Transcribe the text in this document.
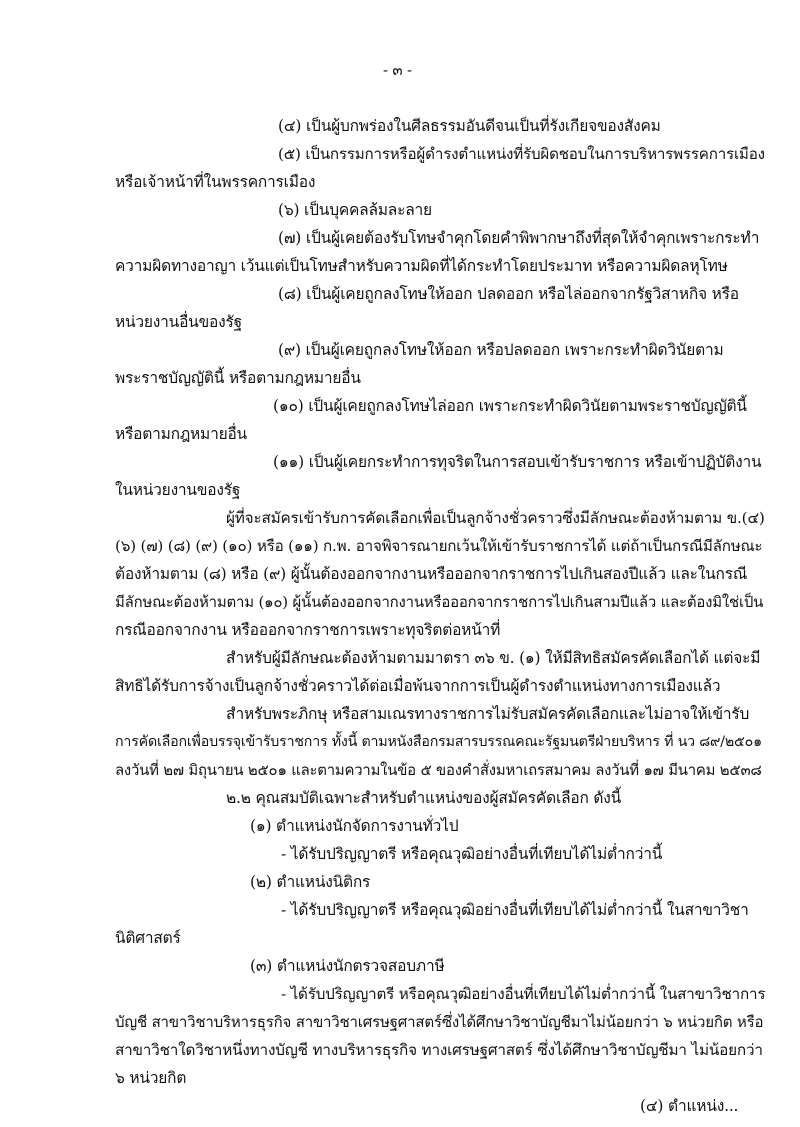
- ๓ -
(๔) เป็นผู้บกพร่องในศีลธรรมอันดีจนเป็นที่รังเกียจของสังคม
(๕) เป็นกรรมการหรือผู้ดำรงตำแหน่งที่รับผิดชอบในการบริหารพรรคการเมือง
หรือเจ้าหน้าที่ในพรรคการเมือง
(๖) เป็นบุคคลล้มละลาย
(๗) เป็นผู้เคยต้องรับโทษจำคุกโดยคำพิพากษาถึงที่สุดให้จำคุกเพราะกระทำ
ความผิดทางอาญา เว้นแต่เป็นโทษสำหรับความผิดที่ได้กระทำโดยประมาท หรือความผิดลหุโทษ
(๘) เป็นผู้เคยถูกลงโทษให้ออก ปลดออก หรือไล่ออกจากรัฐวิสาหกิจ หรือ
หน่วยงานอื่นของรัฐ
(๙) เป็นผู้เคยถูกลงโทษให้ออก หรือปลดออก เพราะกระทำผิดวินัยตาม
พระราชบัญญัตินี้ หรือตามกฎหมายอื่น
(๑๐) เป็นผู้เคยถูกลงโทษไล่ออก เพราะกระทำผิดวินัยตามพระราชบัญญัตินี้
หรือตามกฎหมายอื่น
(๑๑) เป็นผู้เคยกระทำการทุจริตในการสอบเข้ารับราชการ หรือเข้าปฏิบัติงาน
ในหน่วยงานของรัฐ
ผู้ที่จะสมัครเข้ารับการคัดเลือกเพื่อเป็นลูกจ้างชั่วคราวซึ่งมีลักษณะต้องห้ามตาม ข.(๔)
(๖) (๗) (๘) (๙) (๑๐) หรือ (๑๑) ก.พ. อาจพิจารณายกเว้นให้เข้ารับราชการได้ แต่ถ้าเป็นกรณีมีลักษณะ
ต้องห้ามตาม (๘) หรือ (๙) ผู้นั้นต้องออกจากงานหรือออกจากราชการไปเกินสองปีแล้ว และในกรณี
มีลักษณะต้องห้ามตาม (๑๐) ผู้นั้นต้องออกจากงานหรือออกจากราชการไปเกินสามปีแล้ว และต้องมิใช่เป็น
กรณีออกจากงาน หรือออกจากราชการเพราะทุจริตต่อหน้าที่
สำหรับผู้มีลักษณะต้องห้ามตามมาตรา ๓๖ ข. (๑) ให้มีสิทธิสมัครคัดเลือกได้ แต่จะมี
สิทธิได้รับการจ้างเป็นลูกจ้างชั่วคราวได้ต่อเมื่อพ้นจากการเป็นผู้ดำรงตำแหน่งทางการเมืองแล้ว
สำหรับพระภิกษุ หรือสามเณรทางราชการไม่รับสมัครคัดเลือกและไม่อาจให้เข้ารับ
การคัดเลือกเพื่อบรรจุเข้ารับราชการ ทั้งนี้ ตามหนังสือกรมสารบรรณคณะรัฐมนตรีฝ่ายบริหาร ที่ นว ๘๙/๒๕๐๑
ลงวันที่ ๒๗ มิถุนายน ๒๕๐๑ และตามความในข้อ ๕ ของคำสั่งมหาเถรสมาคม ลงวันที่ ๑๗ มีนาคม ๒๕๓๘
๒.๒ คุณสมบัติเฉพาะสำหรับตำแหน่งของผู้สมัครคัดเลือก ดังนี้
(๑) ตำแหน่งนักจัดการงานทั่วไป
- ได้รับปริญญาตรี หรือคุณวุฒิอย่างอื่นที่เทียบได้ไม่ต่ำกว่านี้
(๒) ตำแหน่งนิติกร
- ได้รับปริญญาตรี หรือคุณวุฒิอย่างอื่นที่เทียบได้ไม่ต่ำกว่านี้ ในสาขาวิชา
นิติศาสตร์
(๓) ตำแหน่งนักตรวจสอบภาษี
- ได้รับปริญญาตรี หรือคุณวุฒิอย่างอื่นที่เทียบได้ไม่ต่ำกว่านี้ ในสาขาวิชาการ
บัญชี สาขาวิชาบริหารธุรกิจ สาขาวิชาเศรษฐศาสตร์ซึ่งได้ศึกษาวิชาบัญชีมาไม่น้อยกว่า ๖ หน่วยกิต หรือ
สาขาวิชาใดวิชาหนึ่งทางบัญชี ทางบริหารธุรกิจ ทางเศรษฐศาสตร์ ซึ่งได้ศึกษาวิชาบัญชีมา ไม่น้อยกว่า
๖ หน่วยกิต
(๔) ตำแหน่ง...
